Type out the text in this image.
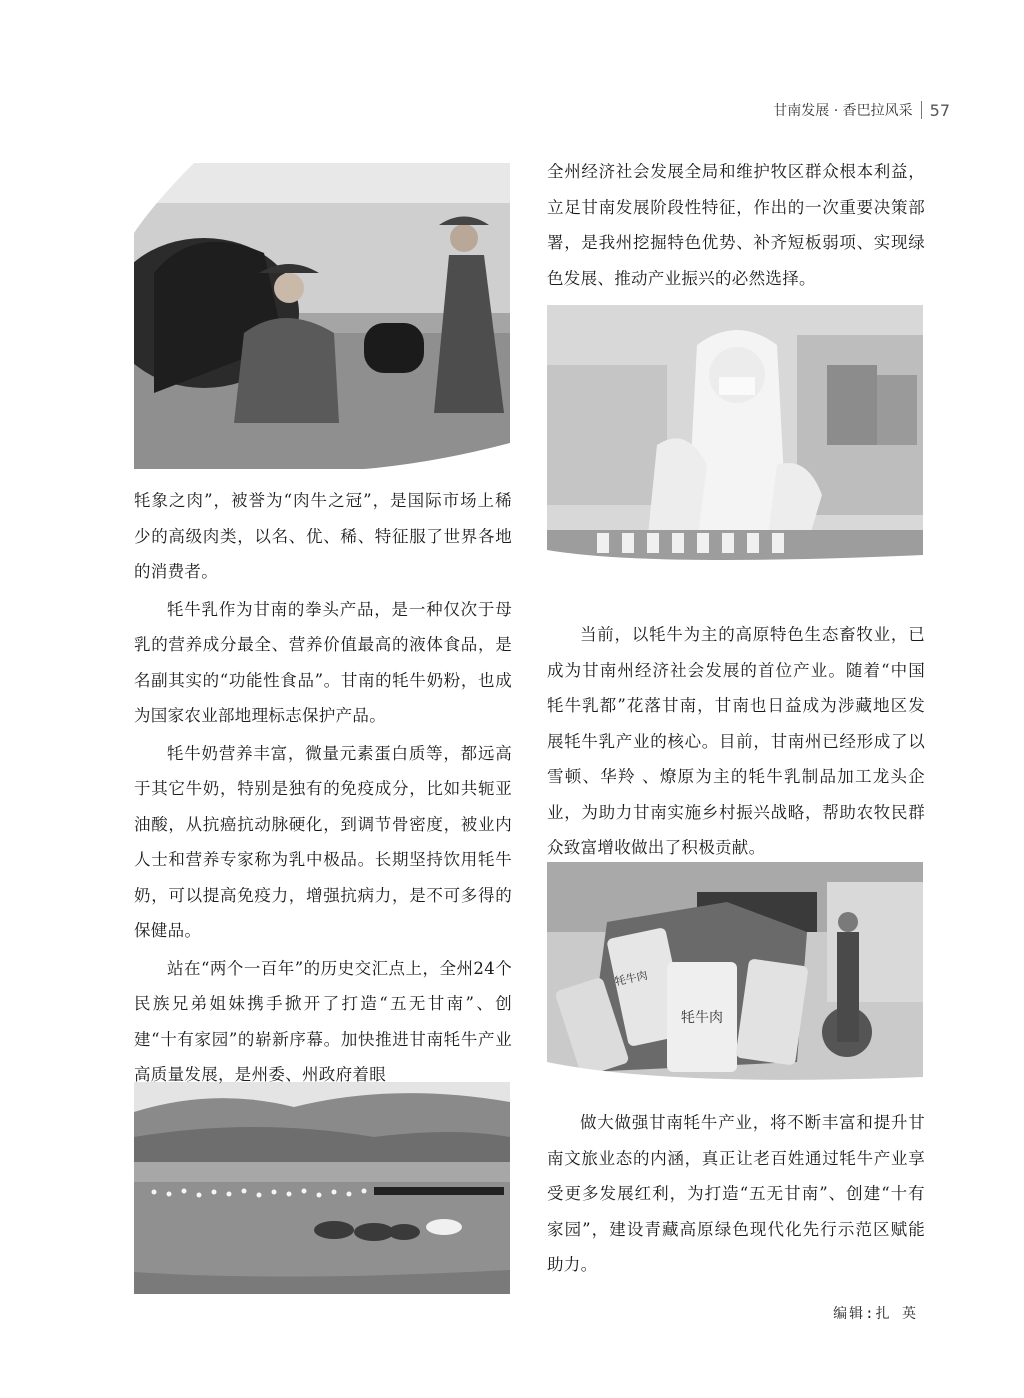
甘南发展 · 香巴拉风采 57
牦牛肉
牦牛肉

牦象之肉”，被誉为“肉牛之冠”，是国际市场上稀少的高级肉类，以名、优、稀、特征服了世界各地的消费者。

牦牛乳作为甘南的拳头产品，是一种仅次于母乳的营养成分最全、营养价值最高的液体食品，是名副其实的“功能性食品”。甘南的牦牛奶粉，也成为国家农业部地理标志保护产品。

牦牛奶营养丰富，微量元素蛋白质等，都远高于其它牛奶，特别是独有的免疫成分，比如共轭亚油酸，从抗癌抗动脉硬化，到调节骨密度，被业内人士和营养专家称为乳中极品。长期坚持饮用牦牛奶，可以提高免疫力，增强抗病力，是不可多得的保健品。

站在“两个一百年”的历史交汇点上，全州24个民族兄弟姐妹携手掀开了打造“五无甘南”、创建“十有家园”的崭新序幕。加快推进甘南牦牛产业高质量发展，是州委、州政府着眼

全州经济社会发展全局和维护牧区群众根本利益，立足甘南发展阶段性特征，作出的一次重要决策部署，是我州挖掘特色优势、补齐短板弱项、实现绿色发展、推动产业振兴的必然选择。

当前，以牦牛为主的高原特色生态畜牧业，已成为甘南州经济社会发展的首位产业。随着“中国牦牛乳都”花落甘南，甘南也日益成为涉藏地区发展牦牛乳产业的核心。目前，甘南州已经形成了以雪顿、华羚 、燎原为主的牦牛乳制品加工龙头企业，为助力甘南实施乡村振兴战略，帮助农牧民群众致富增收做出了积极贡献。

做大做强甘南牦牛产业，将不断丰富和提升甘南文旅业态的内涵，真正让老百姓通过牦牛产业享受更多发展红利，为打造“五无甘南”、创建“十有家园”，建设青藏高原绿色现代化先行示范区赋能助力。

编辑:扎 英
